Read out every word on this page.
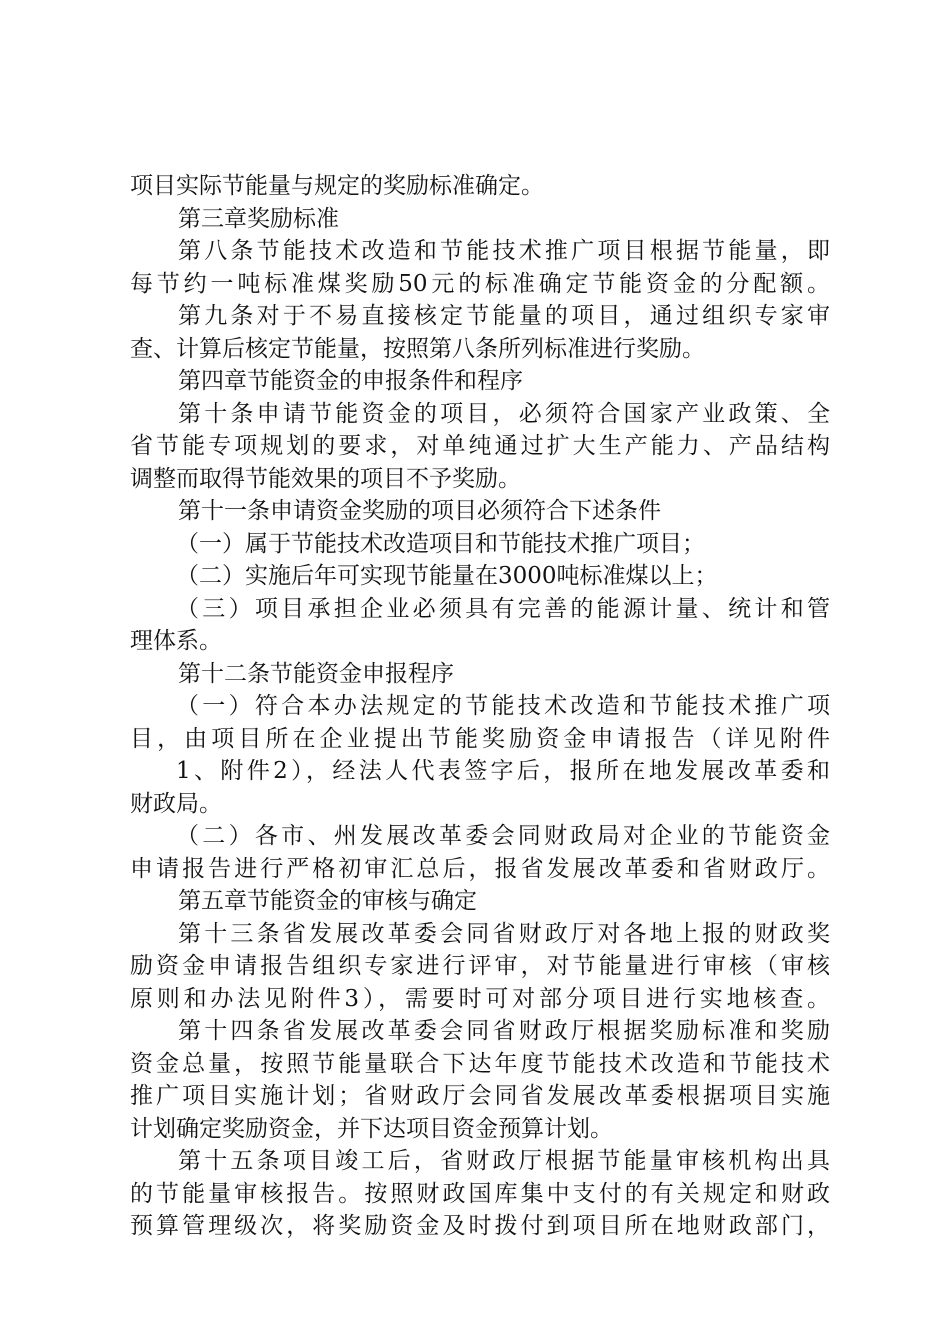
项目实际节能量与规定的奖励标准确定。
第三章奖励标准
第八条节能技术改造和节能技术推广项目根据节能量，即
每节约一吨标准煤奖励50元的标准确定节能资金的分配额。
第九条对于不易直接核定节能量的项目，通过组织专家审
查、计算后核定节能量，按照第八条所列标准进行奖励。
第四章节能资金的申报条件和程序
第十条申请节能资金的项目，必须符合国家产业政策、全
省节能专项规划的要求，对单纯通过扩大生产能力、产品结构
调整而取得节能效果的项目不予奖励。
第十一条申请资金奖励的项目必须符合下述条件
（一）属于节能技术改造项目和节能技术推广项目；
（二）实施后年可实现节能量在3000吨标准煤以上；
（三）项目承担企业必须具有完善的能源计量、统计和管
理体系。
第十二条节能资金申报程序
（一）符合本办法规定的节能技术改造和节能技术推广项
目，由项目所在企业提出节能奖励资金申请报告（详见附件
1、附件2），经法人代表签字后，报所在地发展改革委和
财政局。
（二）各市、州发展改革委会同财政局对企业的节能资金
申请报告进行严格初审汇总后，报省发展改革委和省财政厅。
第五章节能资金的审核与确定
第十三条省发展改革委会同省财政厅对各地上报的财政奖
励资金申请报告组织专家进行评审，对节能量进行审核（审核
原则和办法见附件3），需要时可对部分项目进行实地核查。
第十四条省发展改革委会同省财政厅根据奖励标准和奖励
资金总量，按照节能量联合下达年度节能技术改造和节能技术
推广项目实施计划；省财政厅会同省发展改革委根据项目实施
计划确定奖励资金，并下达项目资金预算计划。
第十五条项目竣工后，省财政厅根据节能量审核机构出具
的节能量审核报告。按照财政国库集中支付的有关规定和财政
预算管理级次，将奖励资金及时拨付到项目所在地财政部门，
